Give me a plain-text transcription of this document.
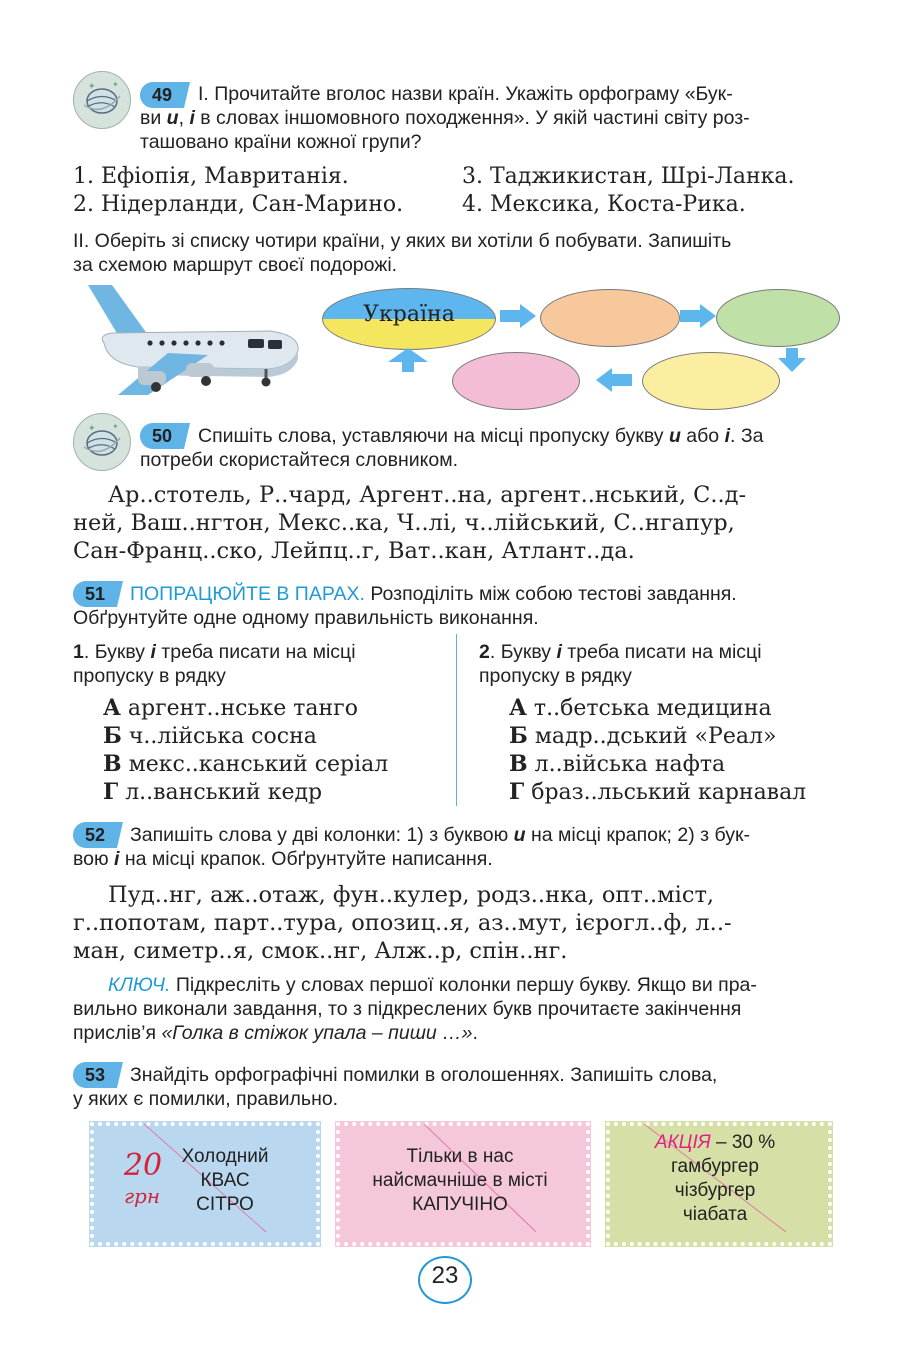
✦ ✦
49	І. Прочитайте вголос назви країн. Укажіть орфограму «Бук-
ви и, і в словах іншомовного походження». У якій частині світу роз-
ташовано країни кожної групи?
1. Ефіопія, Мавританія.	3. Таджикистан, Шрі-Ланка.
2. Нідерланди, Сан-Марино.	4. Мексика, Коста-Рика.
ІІ. Оберіть зі списку чотири країни, у яких ви хотіли б побувати. Запишіть
за схемою маршрут своєї подорожі.
Україна
✦ ✦	50	Спишіть слова, уставляючи на місці пропуску букву и або і. За
потреби скористайтеся словником.
Ар..стотель, Р..чард, Аргент..на, аргент..нський, С..д-
ней, Ваш..нгтон, Мекс..ка, Ч..лі, ч..лійський, С..нгапур,
Сан-Франц..ско, Лейпц..г, Ват..кан, Атлант..да.
51	ПОПРАЦЮЙТЕ В ПАРАХ. Розподіліть між собою тестові завдання.
Обґрунтуйте одне одному правильність виконання.
1. Букву і треба писати на місці
пропуску в рядку
А аргент..нське танго
Б ч..лійська сосна
В мекс..канський серіал
Г л..ванський кедр
2. Букву і треба писати на місці
пропуску в рядку
А т..бетська медицина
Б мадр..дський «Реал»
В л..війська нафта
Г браз..льський карнавал
52	Запишіть слова у дві колонки: 1) з буквою и на місці крапок; 2) з бук-
вою і на місці крапок. Обґрунтуйте написання.
Пуд..нг, аж..отаж, фун..кулер, родз..нка, опт..міст,
г..попотам, парт..тура, опозиц..я, аз..мут, ієрогл..ф, л..-
ман, симетр..я, смок..нг, Алж..р, спін..нг.
КЛЮЧ. Підкресліть у словах першої колонки першу букву. Якщо ви пра-
вильно виконали завдання, то з підкреслених букв прочитаєте закінчення
прислів’я «Голка в стіжок упала – пиши …».
53	Знайдіть орфографічні помилки в оголошеннях. Запишіть слова,
у яких є помилки, правильно.
20
грн
Холодний
КВАС
СІТРО
Тільки в нас
найсмачніше в місті
КАПУЧІНО
АКЦІЯ – 30 %
гамбургер
чізбургер
чіабата
23
